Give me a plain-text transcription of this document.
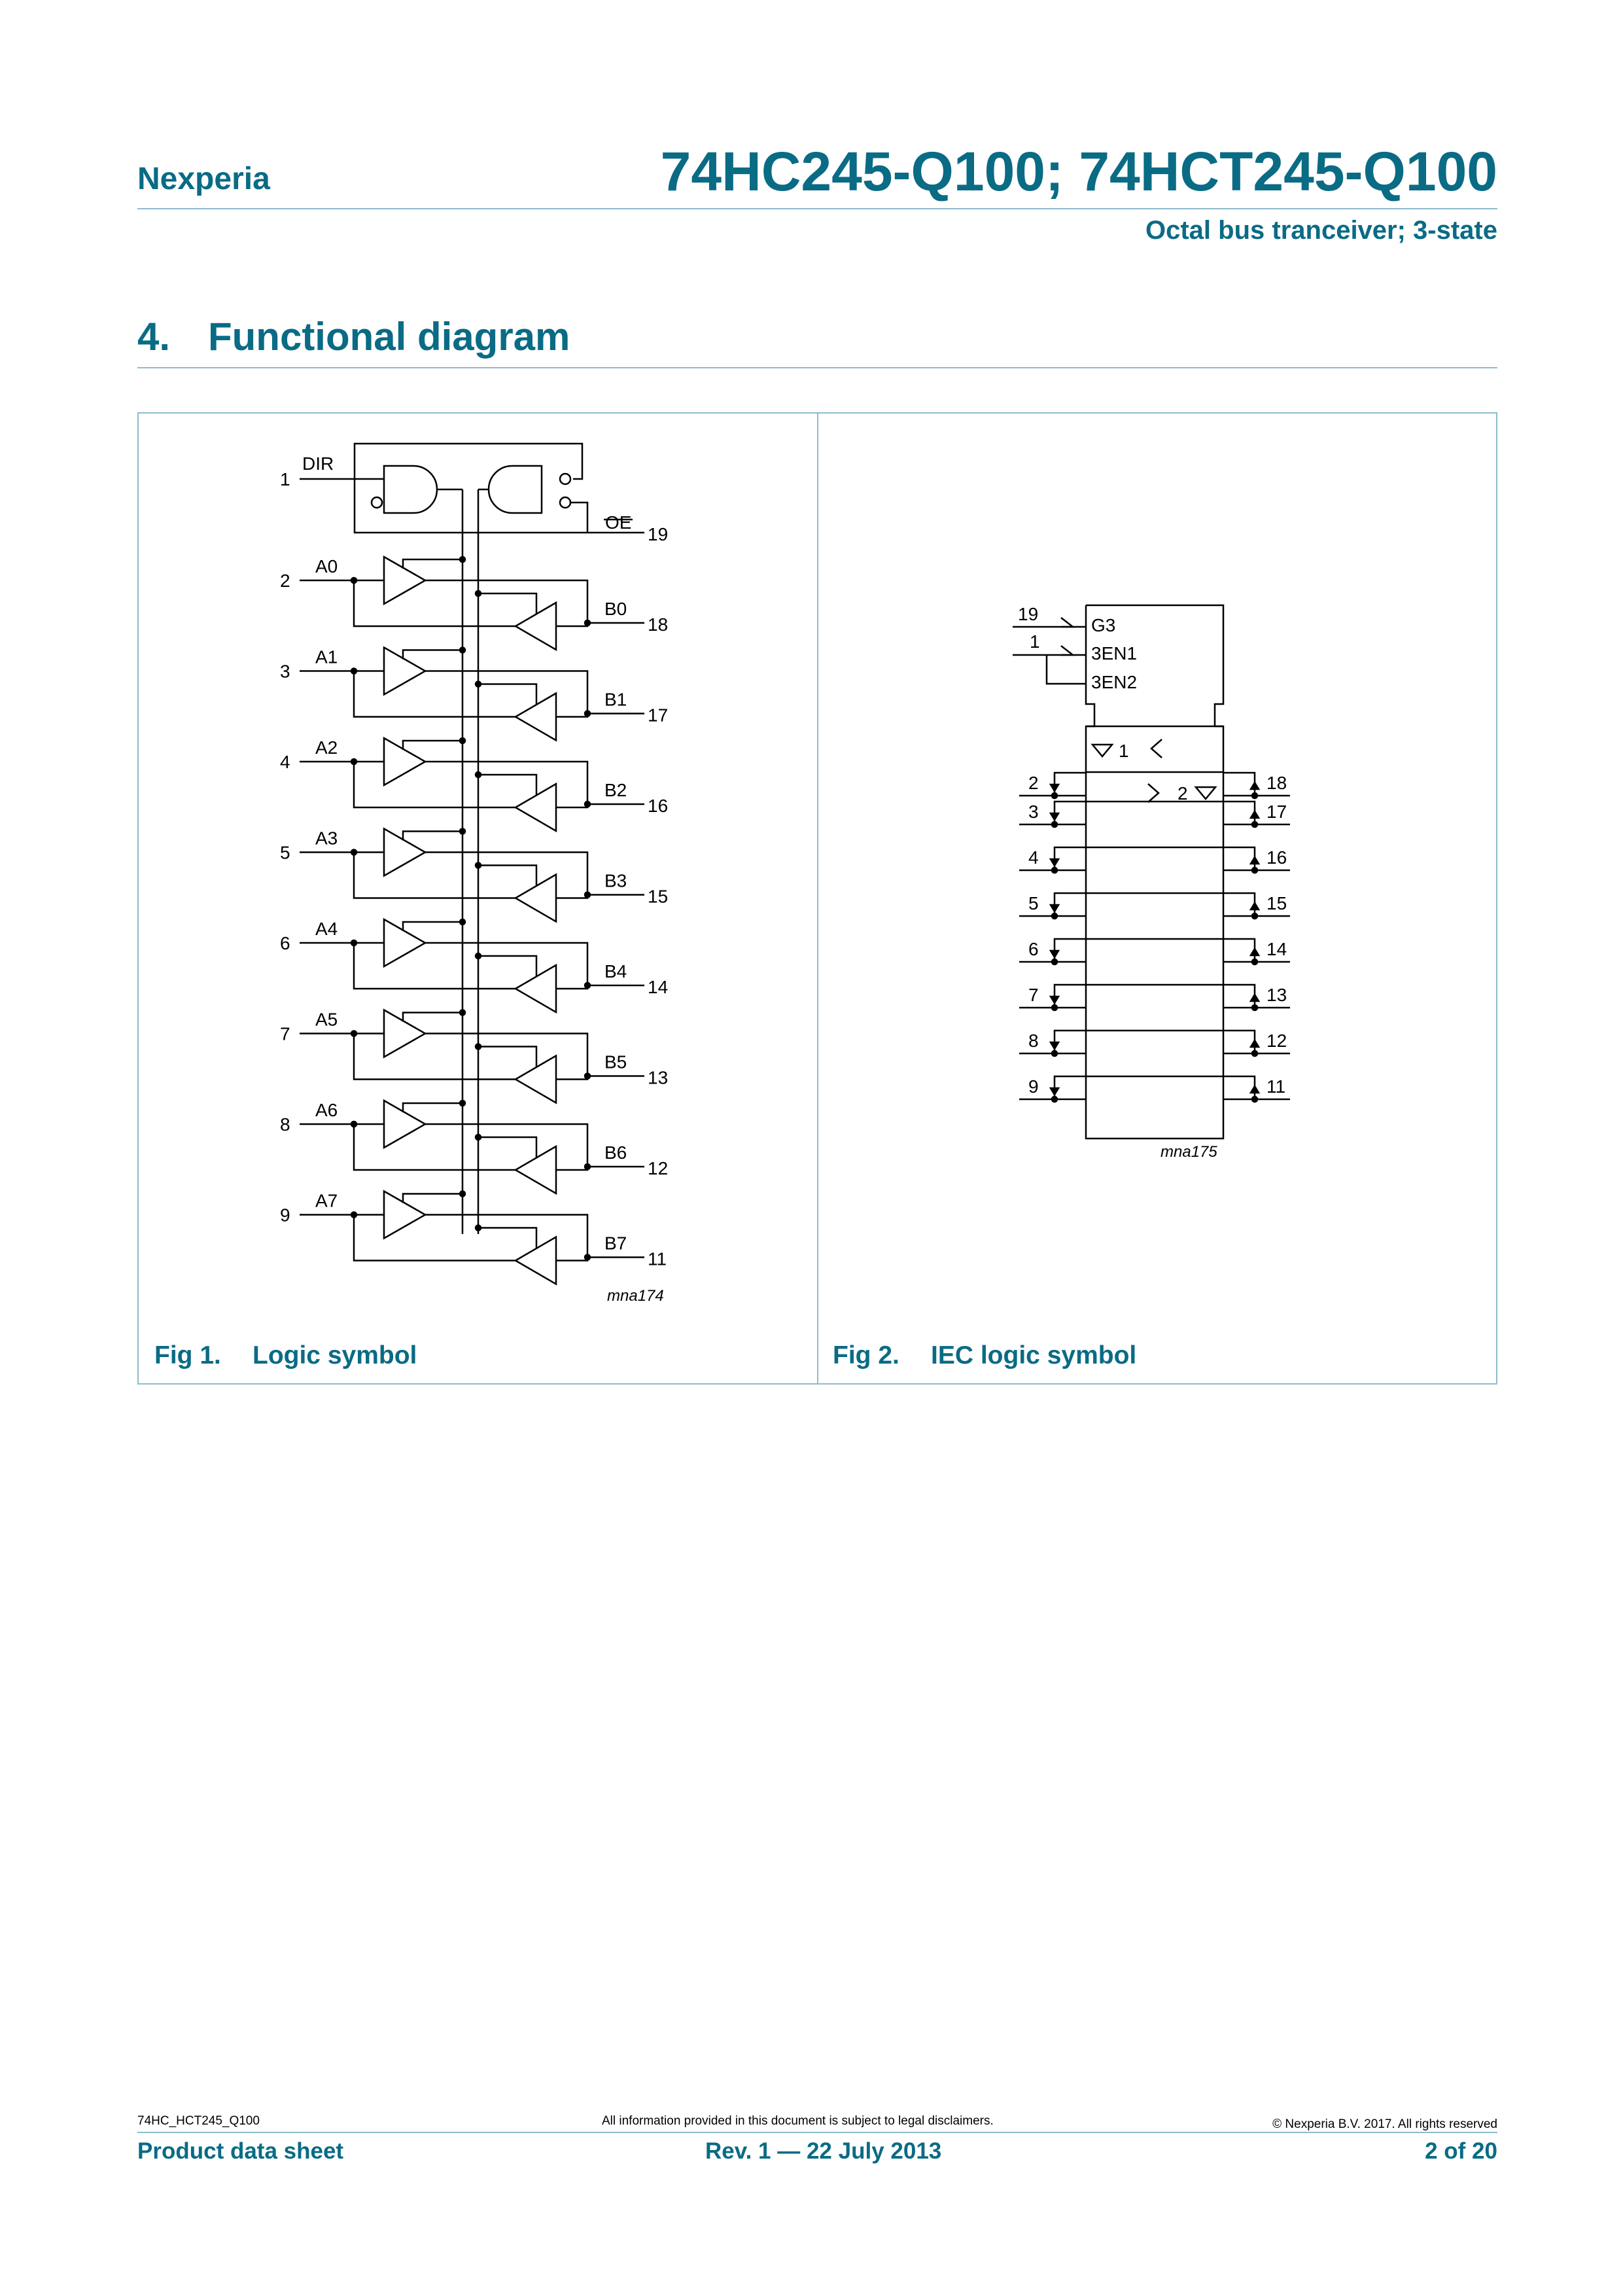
Nexperia	74HC245-Q100; 74HCT245-Q100
Octal bus tranceiver; 3-state
4. Functional diagram
A0
2
B0
18
A1
3
B1
17
A2
4
B2
16
A3
5
B3
15
A4
6
B4
14
A5
7
B5
13
A6
8
B6
12
A7
9
B7
11
DIR
1
OE
19
mna174
Fig 1. Logic symbol
2	18
3	17
4	16
5	15
6	14
7	13
8	12
9	11
G3
3EN1
3EN2
19
1
1
2
mna175
Fig 2. IEC logic symbol
74HC_HCT245_Q100	All information provided in this document is subject to legal disclaimers.	© Nexperia B.V. 2017. All rights reserved
Product data sheet	Rev. 1 — 22 July 2013	2 of 20
